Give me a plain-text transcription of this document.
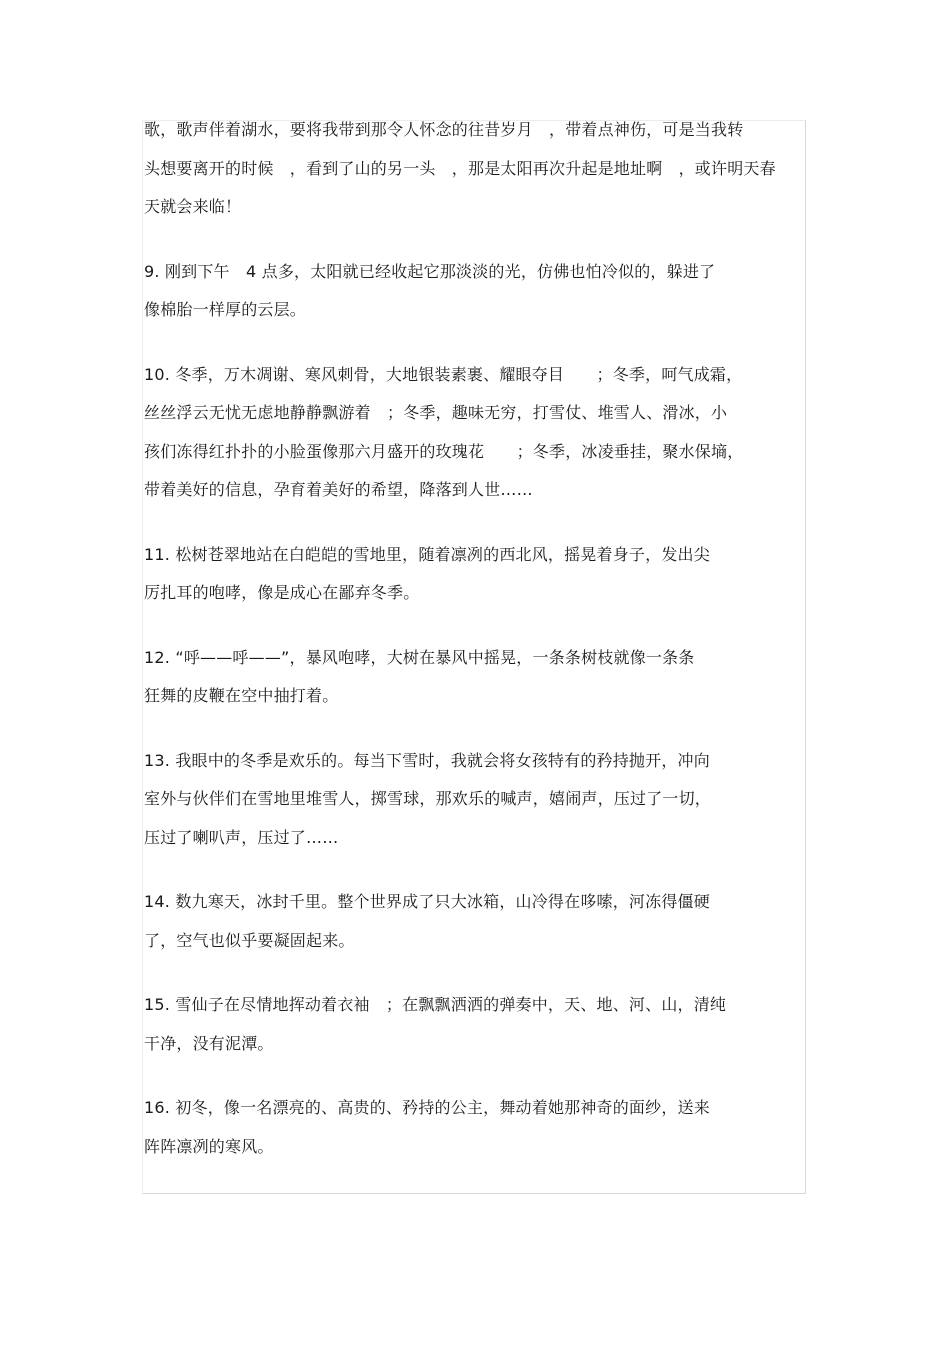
歌，歌声伴着湖水，要将我带到那令人怀念的往昔岁月　，带着点神伤，可是当我转
头想要离开的时候　，看到了山的另一头　，那是太阳再次升起是地址啊　，或许明天春
天就会来临！

9. 刚到下午　4 点多，太阳就已经收起它那淡淡的光，仿佛也怕冷似的，躲进了
像棉胎一样厚的云层。

10. 冬季，万木凋谢、寒风刺骨，大地银装素裹、耀眼夺目　　；冬季，呵气成霜，
丝丝浮云无忧无虑地静静飘游着　；冬季，趣味无穷，打雪仗、堆雪人、滑冰，小
孩们冻得红扑扑的小脸蛋像那六月盛开的玫瑰花　　；冬季，冰凌垂挂，聚水保墒，
带着美好的信息，孕育着美好的希望，降落到人世……

11. 松树苍翠地站在白皑皑的雪地里，随着凛冽的西北风，摇晃着身子，发出尖
厉扎耳的咆哮，像是成心在鄙弃冬季。

12. “呼——呼——”，暴风咆哮，大树在暴风中摇晃，一条条树枝就像一条条
狂舞的皮鞭在空中抽打着。

13. 我眼中的冬季是欢乐的。每当下雪时，我就会将女孩特有的矜持抛开，冲向
室外与伙伴们在雪地里堆雪人，掷雪球，那欢乐的喊声，嬉闹声，压过了一切，
压过了喇叭声，压过了……

14. 数九寒天，冰封千里。整个世界成了只大冰箱，山冷得在哆嗦，河冻得僵硬
了，空气也似乎要凝固起来。

15. 雪仙子在尽情地挥动着衣袖　；在飘飘洒洒的弹奏中，天、地、河、山，清纯
干净，没有泥潭。

16. 初冬，像一名漂亮的、高贵的、矜持的公主，舞动着她那神奇的面纱，送来
阵阵凛冽的寒风。
